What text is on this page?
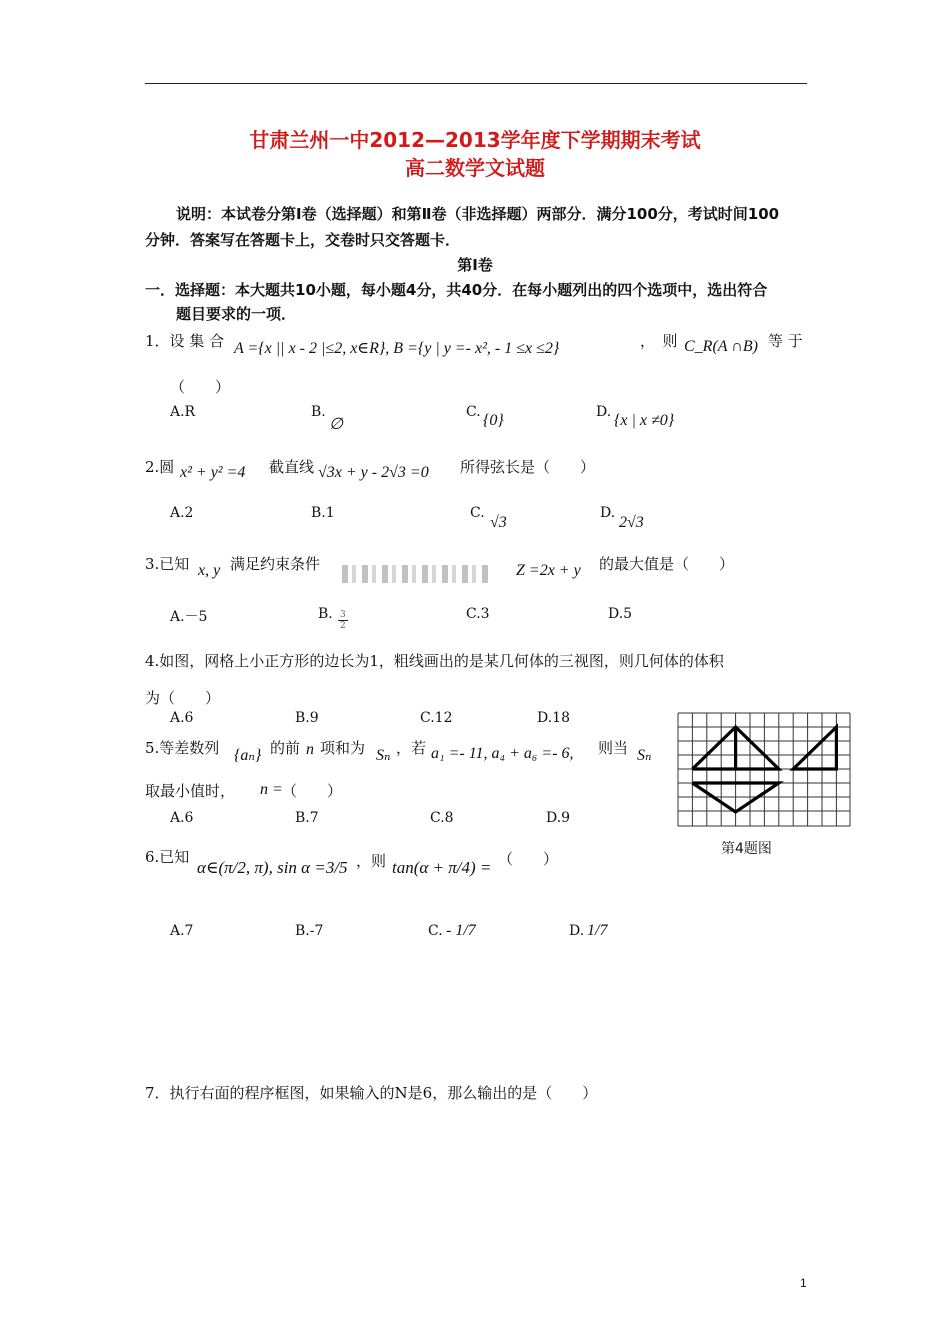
甘肃兰州一中2012—2013学年度下学期期末考试
高二数学文试题
说明：本试卷分第Ⅰ卷（选择题）和第Ⅱ卷（非选择题）两部分．满分100分，考试时间100
分钟．答案写在答题卡上，交卷时只交答题卡．
第Ⅰ卷
一．选择题：本大题共10小题，每小题4分，共40分．在每小题列出的四个选项中，选出符合
题目要求的一项．
1．设 集 合 A ={x || x - 2 |≤2, x∈R}, B ={y | y =- x², - 1 ≤x ≤2}	，　则 C_R(A ∩B) 等 于
（　　）
A.R	B.
∅
C. {0}	D. {x | x ≠0}
2.圆 x² + y² =4 截直线 √3x + y - 2√3 =0 所得弦长是（　　）
A.2	B.1	C.
√3
D.
2√3
3.已知 x, y 满足约束条件	Z =2x + y 的最大值是（　　）
A.－5	B. $\frac{3}{2}$	C.3	D.5
4.如图，网格上小正方形的边长为1，粗线画出的是某几何体的三视图，则几何体的体积
为（　　）
A.6	B.9	C.12	D.18
第4题图
5.等差数列 {aₙ} 的前 n 项和为 Sₙ ，若 a₁ =- 11, a₄ + a₆ =- 6, 则当 Sₙ
取最小值时， n = （　　）
A.6	B.7	C.8	D.9
6.已知
α∈(π/2, π), sin α =3/5 ，则 tan(α + π/4) = （　　）
A.7	B.-7	C. - 1/7	D. 1/7
7．执行右面的程序框图，如果输入的N是6，那么输出的是（　　）
1
